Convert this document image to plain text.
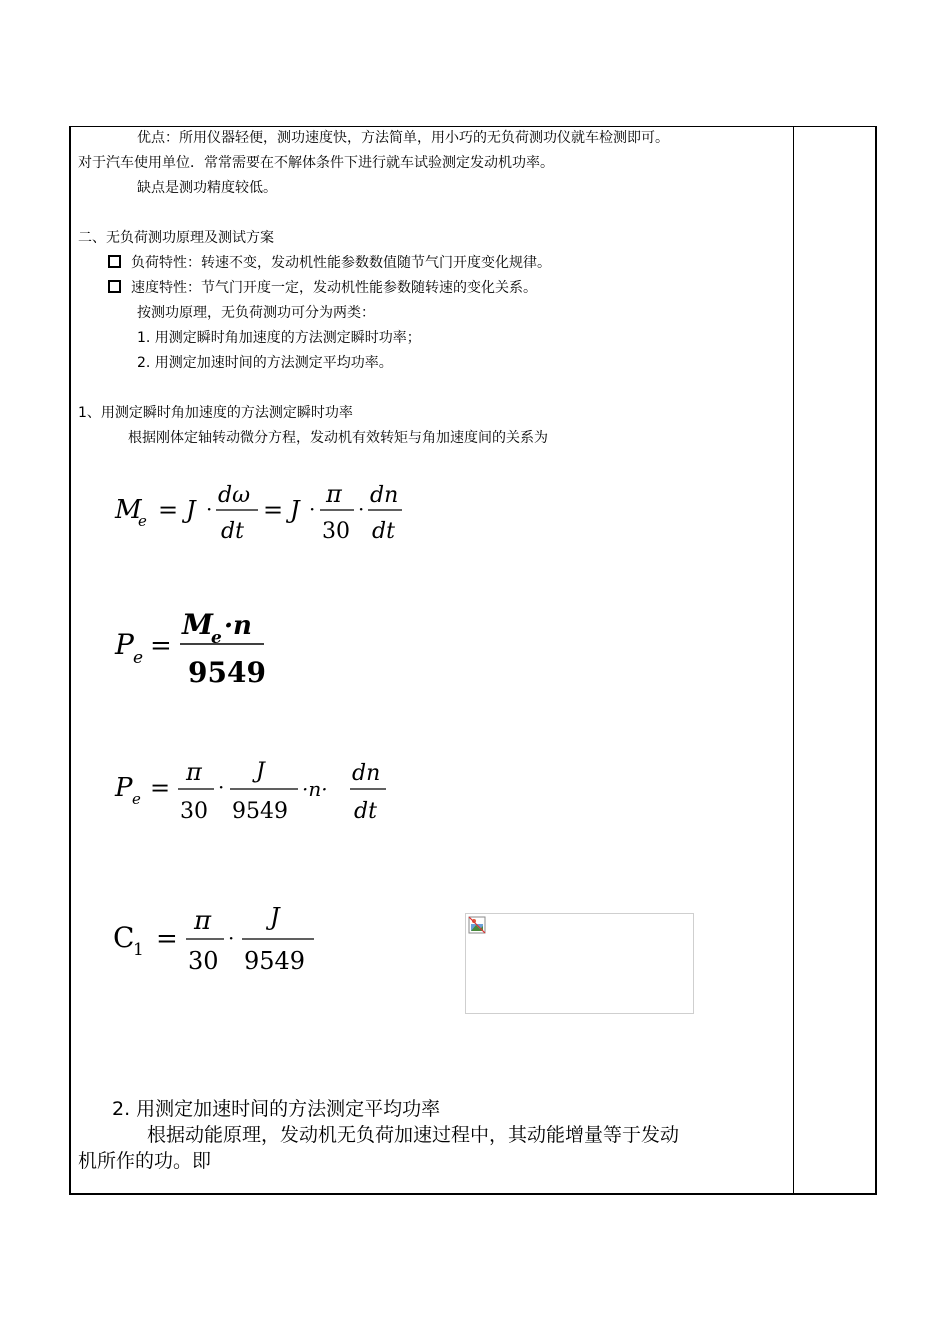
优点：所用仪器轻便，测功速度快，方法简单，用小巧的无负荷测功仪就车检测即可。
对于汽车使用单位．常常需要在不解体条件下进行就车试验测定发动机功率。
缺点是测功精度较低。
二、无负荷测功原理及测试方案
负荷特性：转速不变，发动机性能参数数值随节气门开度变化规律。
速度特性：节气门开度一定，发动机性能参数随转速的变化关系。
按测功原理，无负荷测功可分为两类：
1. 用测定瞬时角加速度的方法测定瞬时功率；
2. 用测定加速时间的方法测定平均功率。
1、用测定瞬时角加速度的方法测定瞬时功率
根据刚体定轴转动微分方程，发动机有效转矩与角加速度间的关系为
M
e = J ·
dω
dt
= J ·
π
30
·
dn
dt
P e =
M
e ·n
9549
P e =
π
30
·
J
9549
·n·
dn
dt
C
1 =
π
30
·
J
9549
2. 用测定加速时间的方法测定平均功率
根据动能原理，发动机无负荷加速过程中，其动能增量等于发动
机所作的功。即
